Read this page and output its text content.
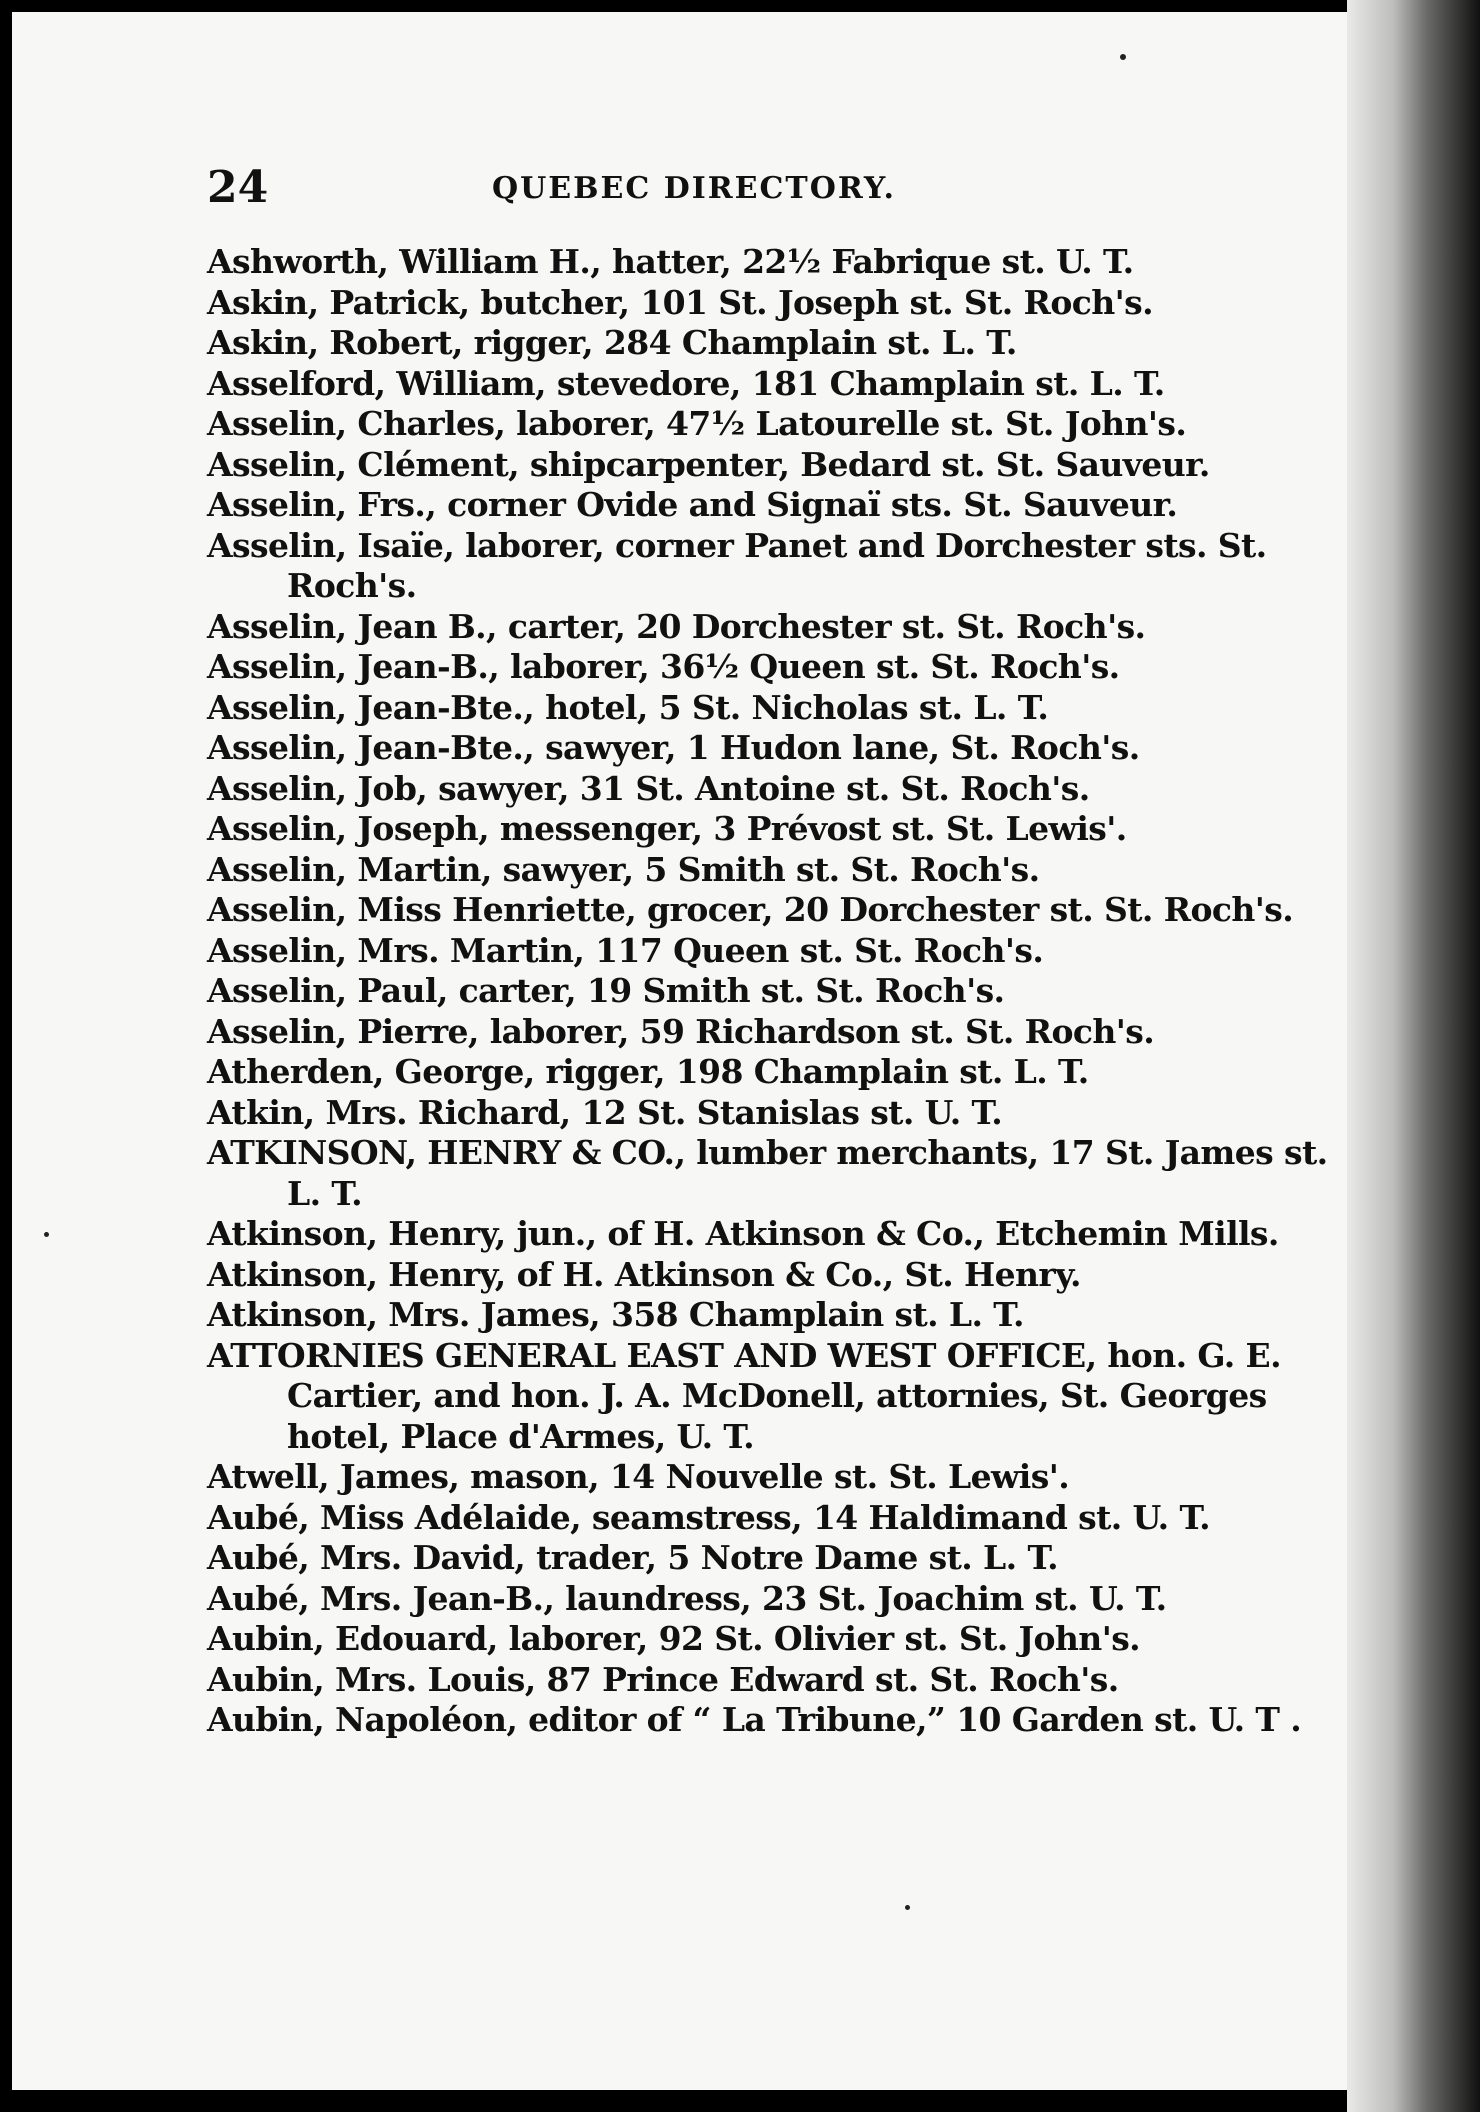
24	QUEBEC DIRECTORY.

Ashworth, William H., hatter, 22½ Fabrique st. U. T.

Askin, Patrick, butcher, 101 St. Joseph st. St. Roch's.

Askin, Robert, rigger, 284 Champlain st. L. T.

Asselford, William, stevedore, 181 Champlain st. L. T.

Asselin, Charles, laborer, 47½ Latourelle st. St. John's.

Asselin, Clément, shipcarpenter, Bedard st. St. Sauveur.

Asselin, Frs., corner Ovide and Signaï sts. St. Sauveur.

Asselin, Isaïe, laborer, corner Panet and Dorchester sts. St. Roch's.

Asselin, Jean B., carter, 20 Dorchester st. St. Roch's.

Asselin, Jean-B., laborer, 36½ Queen st. St. Roch's.

Asselin, Jean-Bte., hotel, 5 St. Nicholas st. L. T.

Asselin, Jean-Bte., sawyer, 1 Hudon lane, St. Roch's.

Asselin, Job, sawyer, 31 St. Antoine st. St. Roch's.

Asselin, Joseph, messenger, 3 Prévost st. St. Lewis'.

Asselin, Martin, sawyer, 5 Smith st. St. Roch's.

Asselin, Miss Henriette, grocer, 20 Dorchester st. St. Roch's.

Asselin, Mrs. Martin, 117 Queen st. St. Roch's.

Asselin, Paul, carter, 19 Smith st. St. Roch's.

Asselin, Pierre, laborer, 59 Richardson st. St. Roch's.

Atherden, George, rigger, 198 Champlain st. L. T.

Atkin, Mrs. Richard, 12 St. Stanislas st. U. T.

ATKINSON, HENRY & CO., lumber merchants, 17 St. James st. L. T.

Atkinson, Henry, jun., of H. Atkinson & Co., Etchemin Mills.

Atkinson, Henry, of H. Atkinson & Co., St. Henry.

Atkinson, Mrs. James, 358 Champlain st. L. T.

ATTORNIES GENERAL EAST AND WEST OFFICE, hon. G. E. Cartier, and hon. J. A. McDonell, attornies, St. Georges hotel, Place d'Armes, U. T.

Atwell, James, mason, 14 Nouvelle st. St. Lewis'.

Aubé, Miss Adélaide, seamstress, 14 Haldimand st. U. T.

Aubé, Mrs. David, trader, 5 Notre Dame st. L. T.

Aubé, Mrs. Jean-B., laundress, 23 St. Joachim st. U. T.

Aubin, Edouard, laborer, 92 St. Olivier st. St. John's.

Aubin, Mrs. Louis, 87 Prince Edward st. St. Roch's.

Aubin, Napoléon, editor of “ La Tribune,” 10 Garden st. U. T .
